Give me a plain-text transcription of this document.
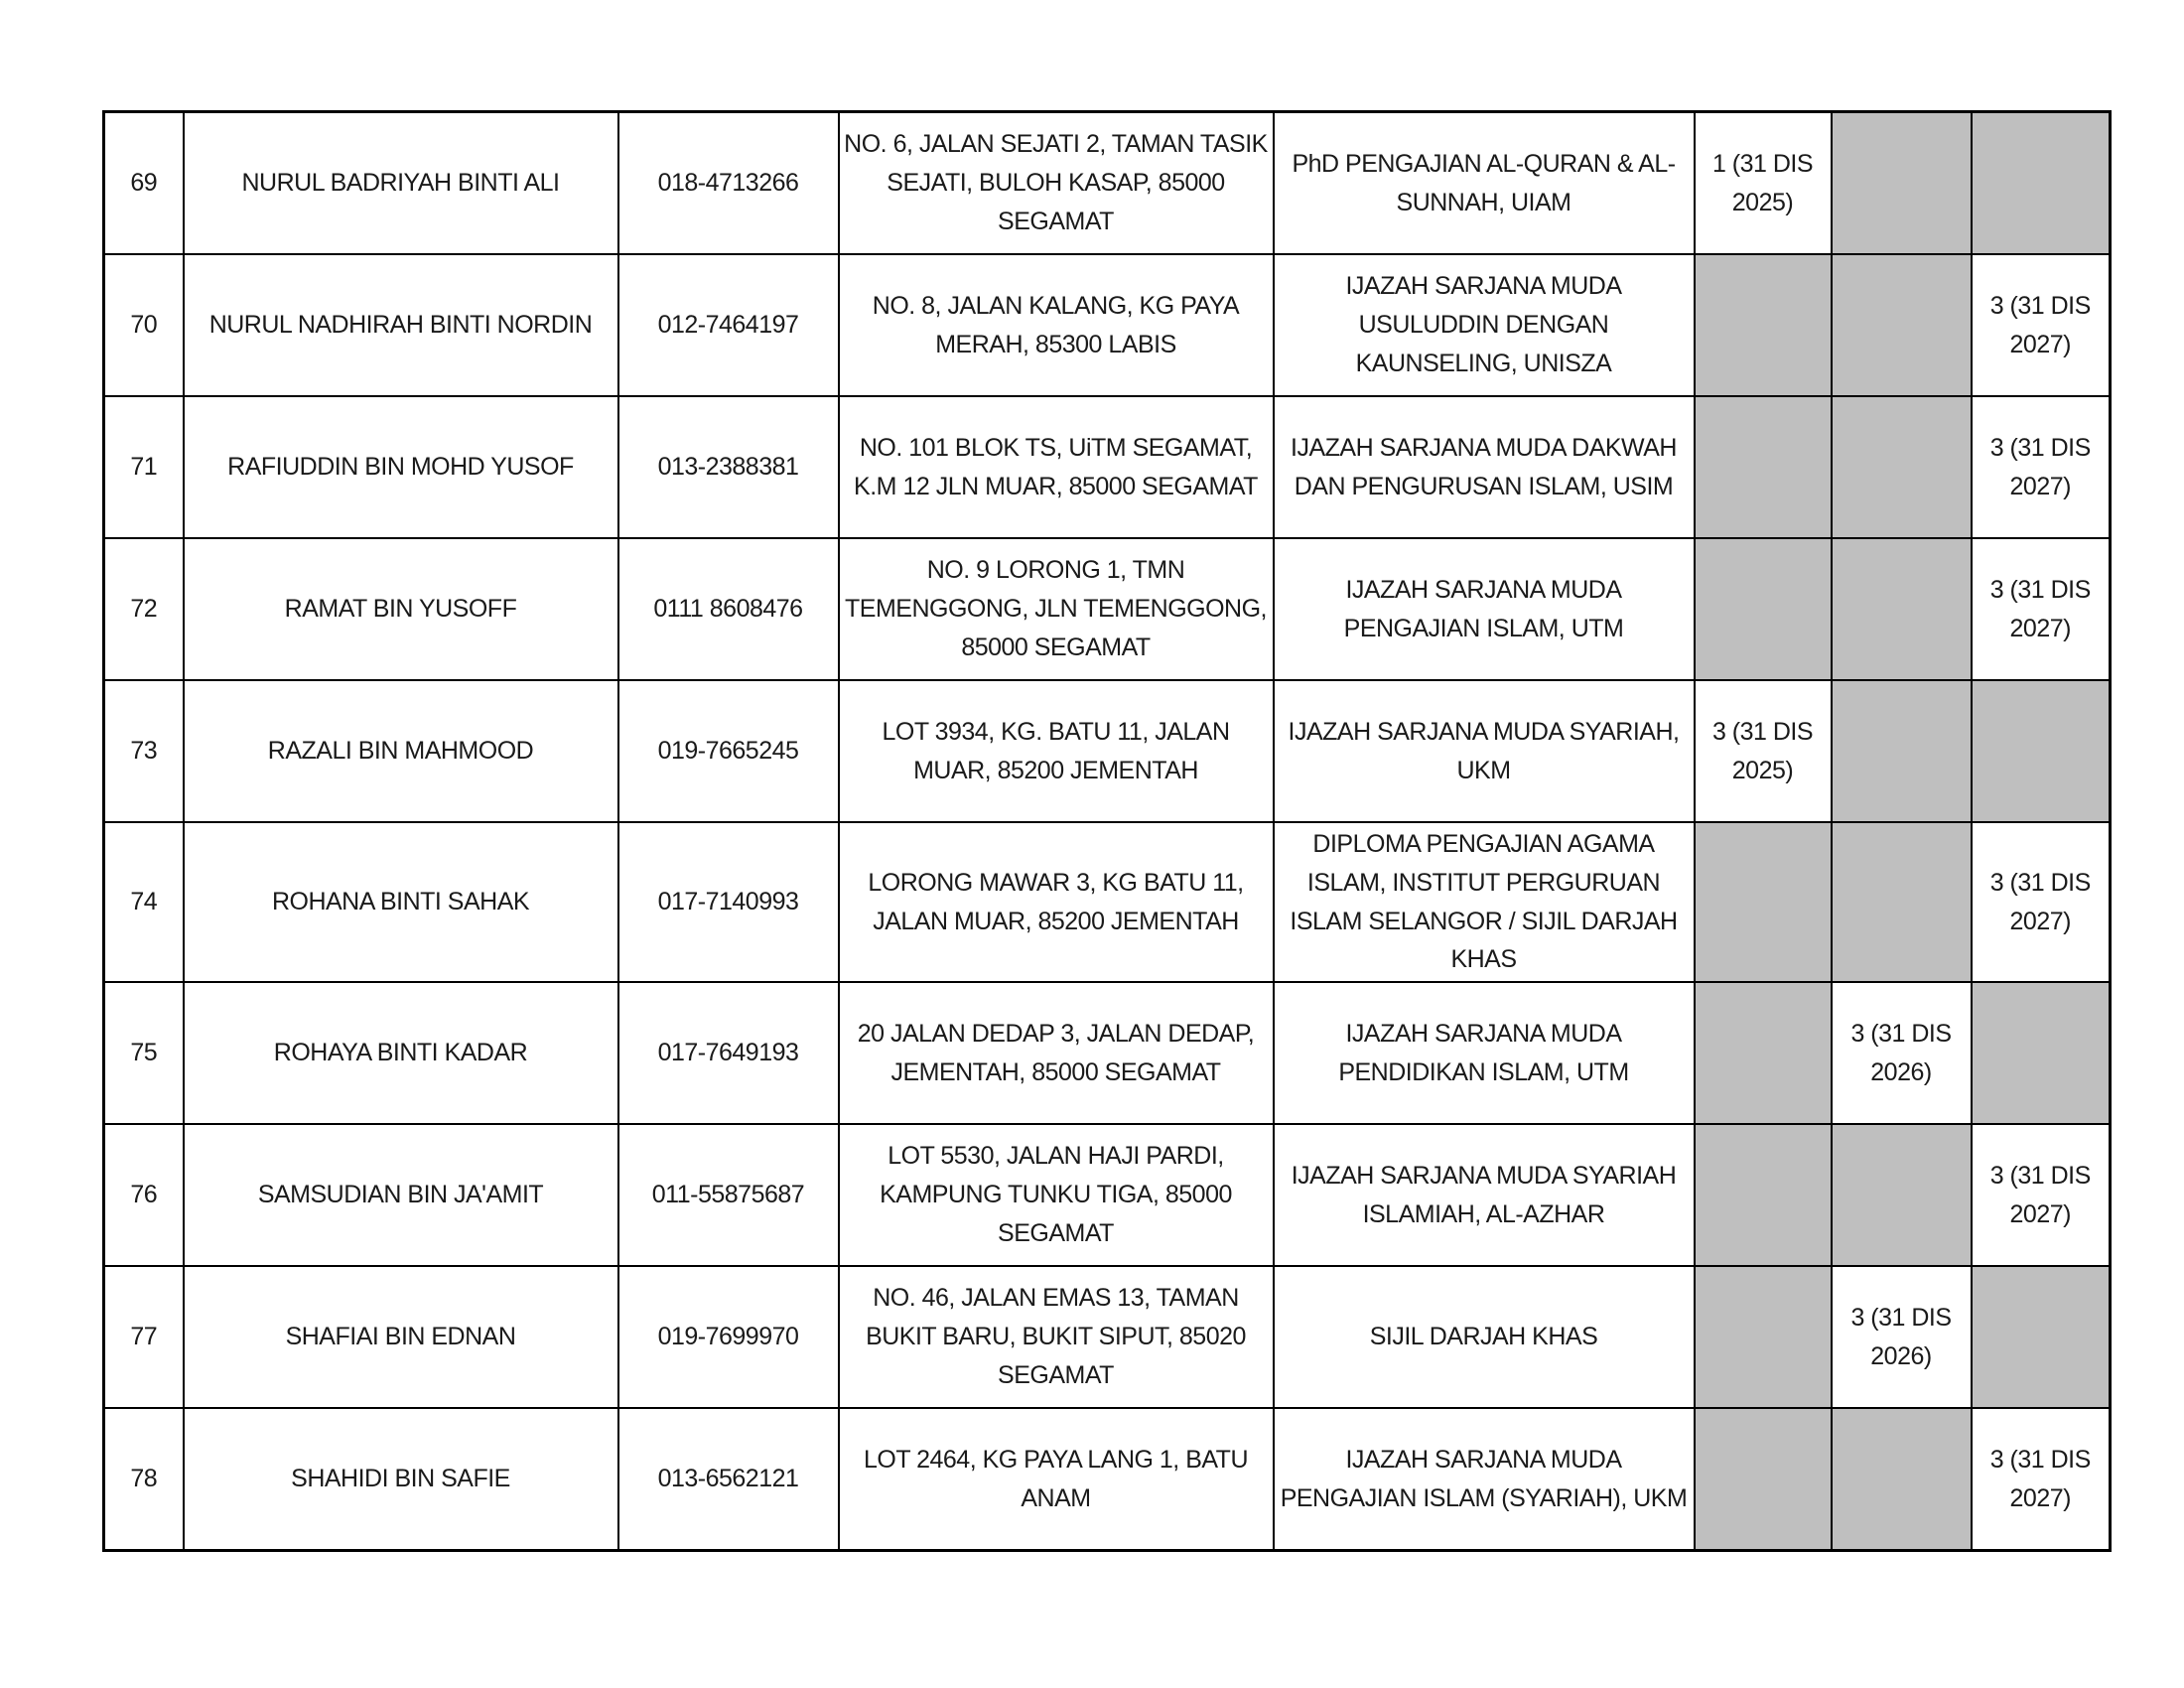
69	NURUL BADRIYAH BINTI ALI	018-4713266	NO. 6, JALAN SEJATI 2, TAMAN TASIK SEJATI, BULOH KASAP, 85000 SEGAMAT	PhD PENGAJIAN AL-QURAN & AL-SUNNAH, UIAM	1 (31 DIS 2025)		
70	NURUL NADHIRAH BINTI NORDIN	012-7464197	NO. 8, JALAN KALANG, KG PAYA MERAH, 85300 LABIS	IJAZAH SARJANA MUDA USULUDDIN DENGAN KAUNSELING, UNISZA			3 (31 DIS 2027)
71	RAFIUDDIN BIN MOHD YUSOF	013-2388381	NO. 101 BLOK TS, UiTM SEGAMAT, K.M 12 JLN MUAR, 85000 SEGAMAT	IJAZAH SARJANA MUDA DAKWAH DAN PENGURUSAN ISLAM, USIM			3 (31 DIS 2027)
72	RAMAT BIN YUSOFF	0111 8608476	NO. 9 LORONG 1, TMN TEMENGGONG, JLN TEMENGGONG, 85000 SEGAMAT	IJAZAH SARJANA MUDA PENGAJIAN ISLAM, UTM			3 (31 DIS 2027)
73	RAZALI BIN MAHMOOD	019-7665245	LOT 3934, KG. BATU 11, JALAN MUAR, 85200 JEMENTAH	IJAZAH SARJANA MUDA SYARIAH, UKM	3 (31 DIS 2025)		
74	ROHANA BINTI SAHAK	017-7140993	LORONG MAWAR 3, KG BATU 11, JALAN MUAR, 85200 JEMENTAH	DIPLOMA PENGAJIAN AGAMA ISLAM, INSTITUT PERGURUAN ISLAM SELANGOR / SIJIL DARJAH KHAS			3 (31 DIS 2027)
75	ROHAYA BINTI KADAR	017-7649193	20 JALAN DEDAP 3, JALAN DEDAP, JEMENTAH, 85000 SEGAMAT	IJAZAH SARJANA MUDA PENDIDIKAN ISLAM, UTM		3 (31 DIS 2026)	
76	SAMSUDIAN BIN JA'AMIT	011-55875687	LOT 5530, JALAN HAJI PARDI, KAMPUNG TUNKU TIGA, 85000 SEGAMAT	IJAZAH SARJANA MUDA SYARIAH ISLAMIAH, AL-AZHAR			3 (31 DIS 2027)
77	SHAFIAI BIN EDNAN	019-7699970	NO. 46, JALAN EMAS 13, TAMAN BUKIT BARU, BUKIT SIPUT, 85020 SEGAMAT	SIJIL DARJAH KHAS		3 (31 DIS 2026)	
78	SHAHIDI BIN SAFIE	013-6562121	LOT 2464, KG PAYA LANG 1, BATU ANAM	IJAZAH SARJANA MUDA PENGAJIAN ISLAM (SYARIAH), UKM			3 (31 DIS 2027)
